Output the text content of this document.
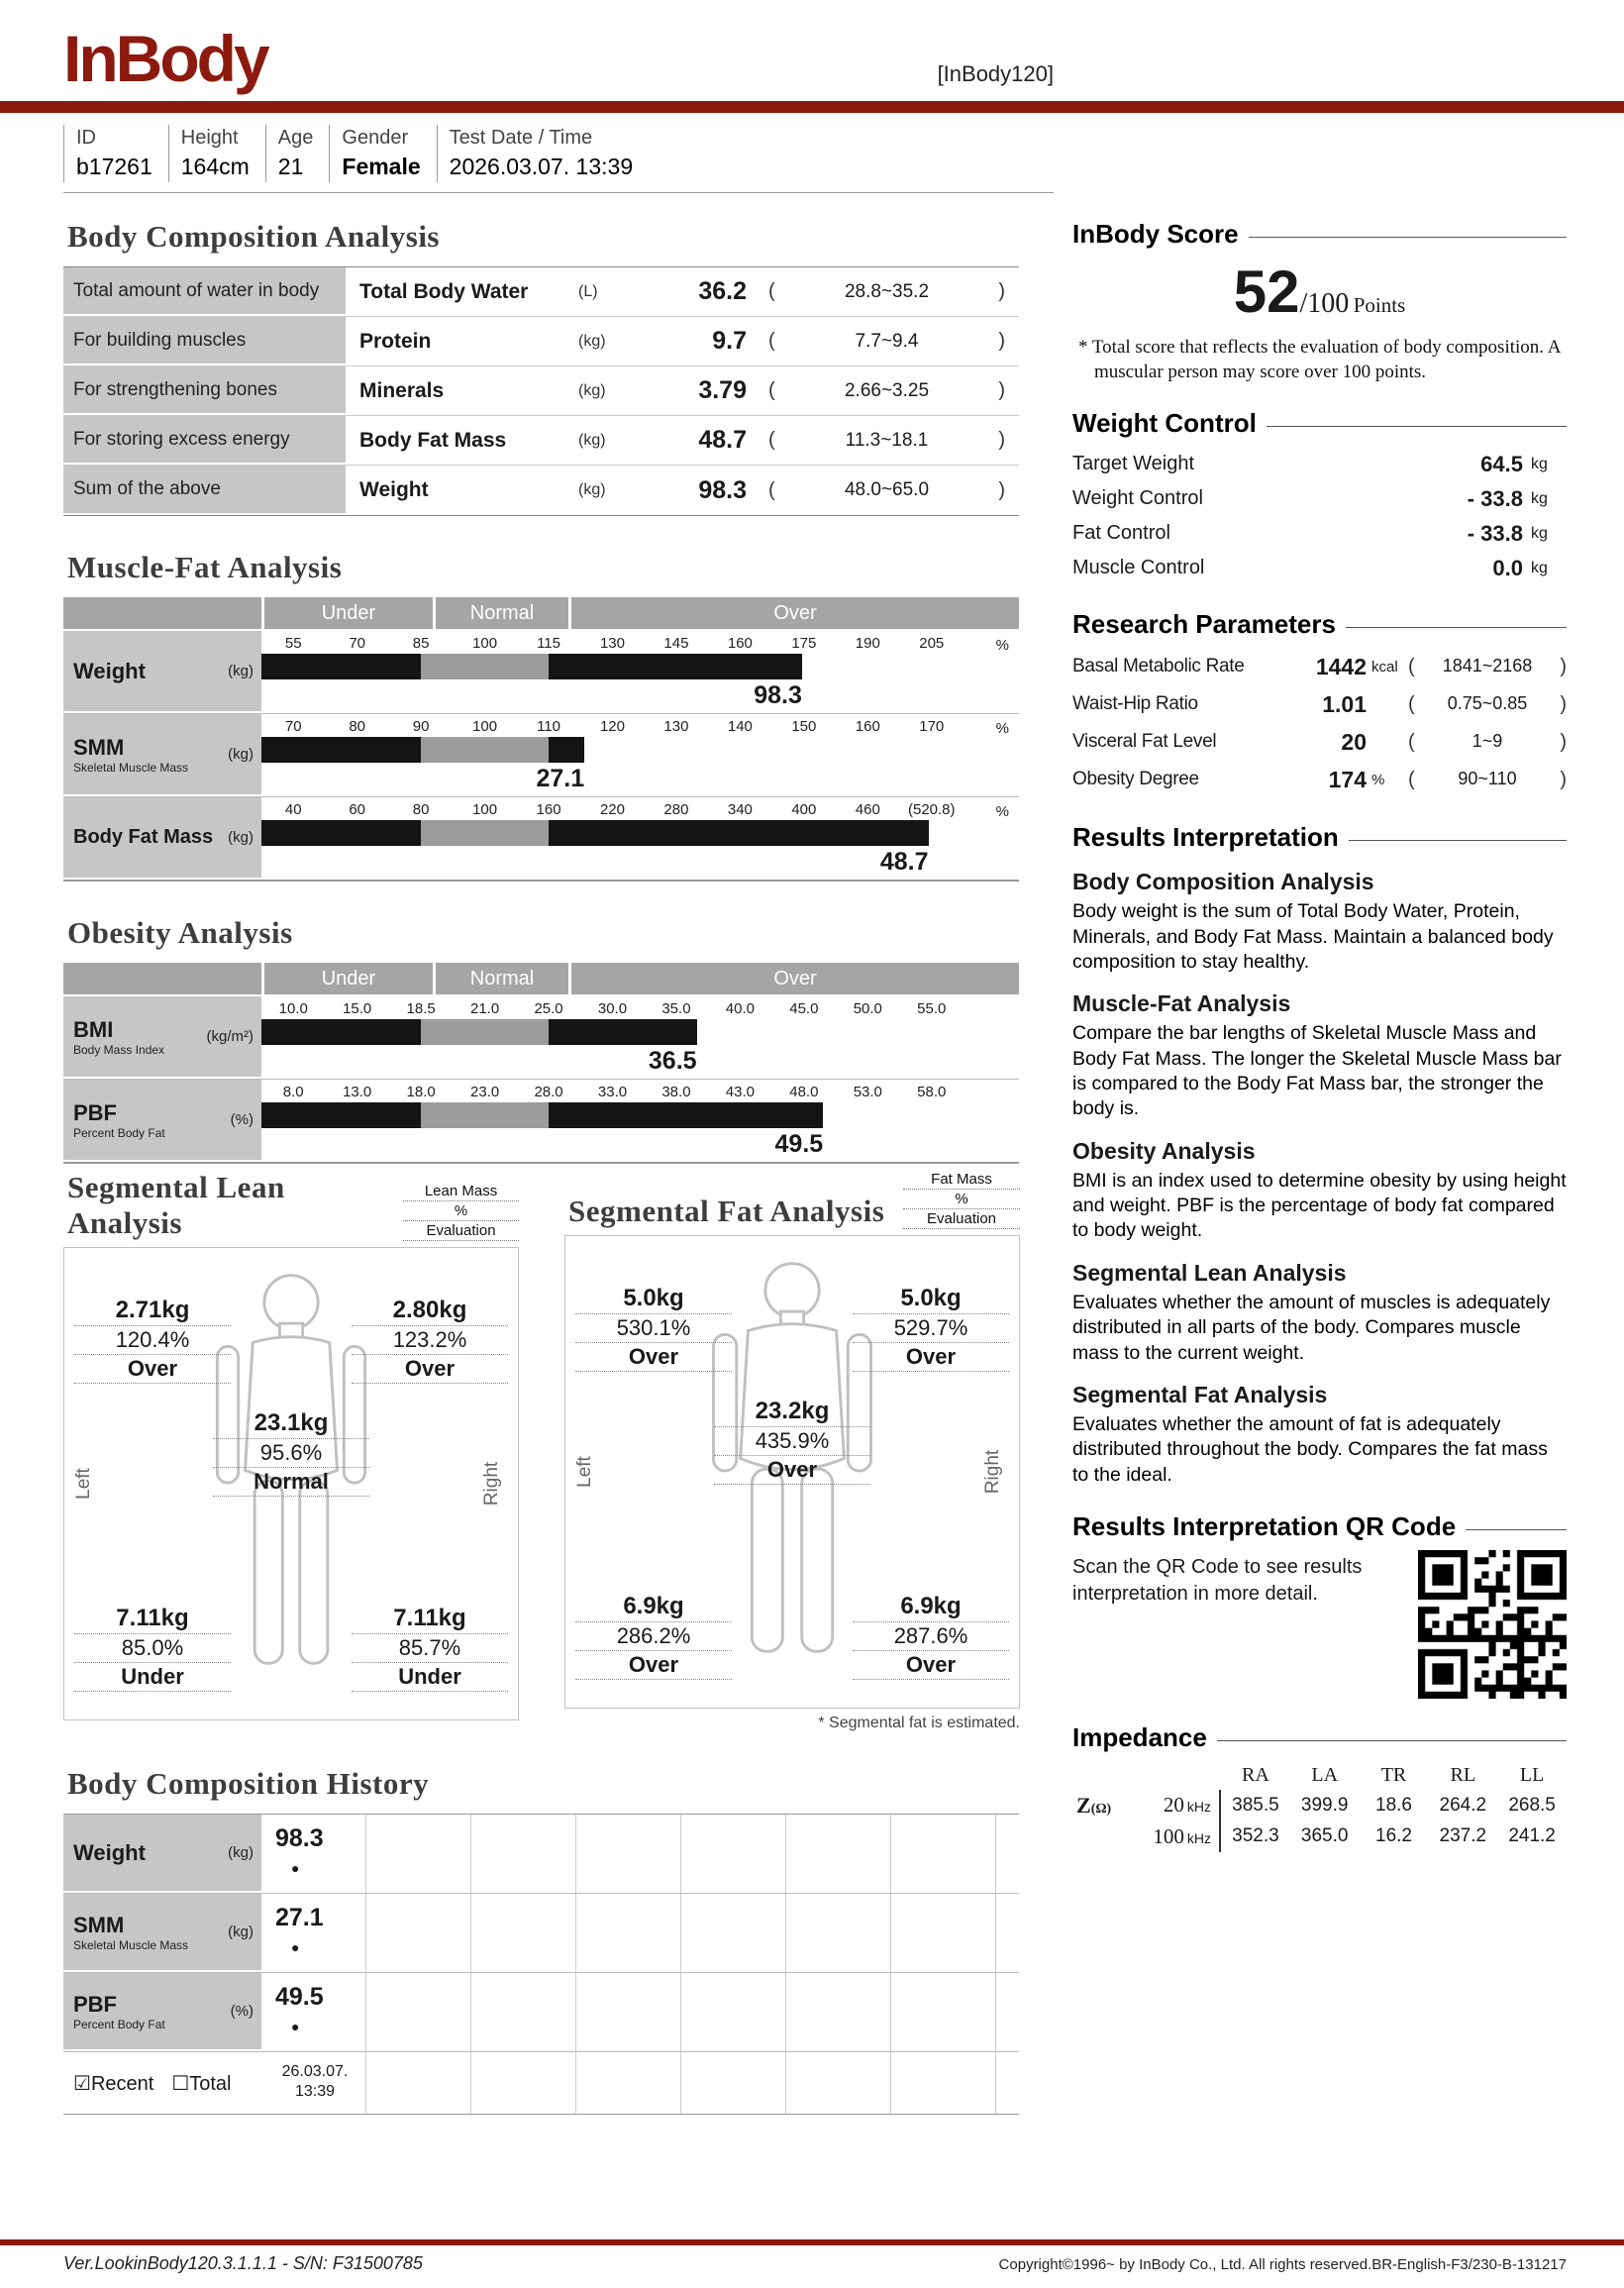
InBody	[InBody120]
ID
b17261
Height
164cm
Age
21
Gender
Female
Test Date / Time
2026.03.07. 13:39
Body Composition Analysis
Total amount of water in body	Total Body Water	(L)	36.2 (	28.8~35.2	)
For building muscles	Protein	(kg)	9.7 (	7.7~9.4	)
For strengthening bones	Minerals	(kg)	3.79 (	2.66~3.25	)
For storing excess energy	Body Fat Mass	(kg)	48.7 (	11.3~18.1	)
Sum of the above	Weight	(kg)	98.3 (	48.0~65.0	)
Muscle-Fat Analysis
Under	Normal	Over
Weight	(kg)
55	70	85	100	115	130	145	160	175	190	205	%
98.3
SMM
Skeletal Muscle Mass
(kg)
70	80	90	100	110	120	130	140	150	160	170	%
27.1
Body Fat Mass (kg)
40	60	80	100	160	220	280	340	400	460	(520.8)	%
48.7
Obesity Analysis
Under	Normal	Over
BMI
Body Mass Index
(kg/m²)
10.0	15.0	18.5	21.0	25.0	30.0	35.0	40.0	45.0	50.0	55.0
36.5
PBF
Percent Body Fat
(%)
8.0	13.0	18.0	23.0	28.0	33.0	38.0	43.0	48.0	53.0	58.0
49.5
Segmental Lean Analysis
Lean Mass
%
Evaluation
Left	Right
2.71kg
120.4%
Over
2.80kg
123.2%
Over
23.1kg
95.6%
Normal
7.11kg
85.0%
Under
7.11kg
85.7%
Under
Segmental Fat Analysis
Fat Mass
%
Evaluation
Left	Right
5.0kg
530.1%
Over
5.0kg
529.7%
Over
23.2kg
435.9%
Over
6.9kg
286.2%
Over
6.9kg
287.6%
Over
* Segmental fat is estimated.
Body Composition History
Weight	(kg)
98.3
●
SMM
Skeletal Muscle Mass
(kg)
27.1
●
PBF
Percent Body Fat
(%)
49.5
●
☑Recent ☐Total
26.03.07.
13:39
InBody Score
52/100 Points

* Total score that reflects the evaluation of body composition. A muscular person may score over 100 points.

Weight Control
Target Weight	64.5 kg
Weight Control	- 33.8 kg
Fat Control	- 33.8 kg
Muscle Control	0.0 kg
Research Parameters
Basal Metabolic Rate	1442 kcal ( 1841~2168 )
Waist-Hip Ratio	1.01 ( 0.75~0.85 )
Visceral Fat Level	20 (	1~9	)
Obesity Degree	174 %	( 90~110 )
Results Interpretation
Body Composition Analysis

Body weight is the sum of Total Body Water, Protein, Minerals, and Body Fat Mass. Maintain a balanced body composition to stay healthy.

Muscle-Fat Analysis

Compare the bar lengths of Skeletal Muscle Mass and Body Fat Mass. The longer the Skeletal Muscle Mass bar is compared to the Body Fat Mass bar, the stronger the body is.

Obesity Analysis

BMI is an index used to determine obesity by using height and weight. PBF is the percentage of body fat compared to body weight.

Segmental Lean Analysis

Evaluates whether the amount of muscles is adequately distributed in all parts of the body. Compares muscle mass to the current weight.

Segmental Fat Analysis

Evaluates whether the amount of fat is adequately distributed throughout the body. Compares the fat mass to the ideal.

Results Interpretation QR Code

Scan the QR Code to see results interpretation in more detail.

Impedance
RA	LA	TR	RL	LL
Z(Ω)	20 kHz	385.5	399.9	18.6	264.2	268.5
100 kHz	352.3	365.0	16.2	237.2	241.2
Ver.LookinBody120.3.1.1.1 - S/N: F31500785	Copyright©1996~ by InBody Co., Ltd. All rights reserved.BR-English-F3/230-B-131217
